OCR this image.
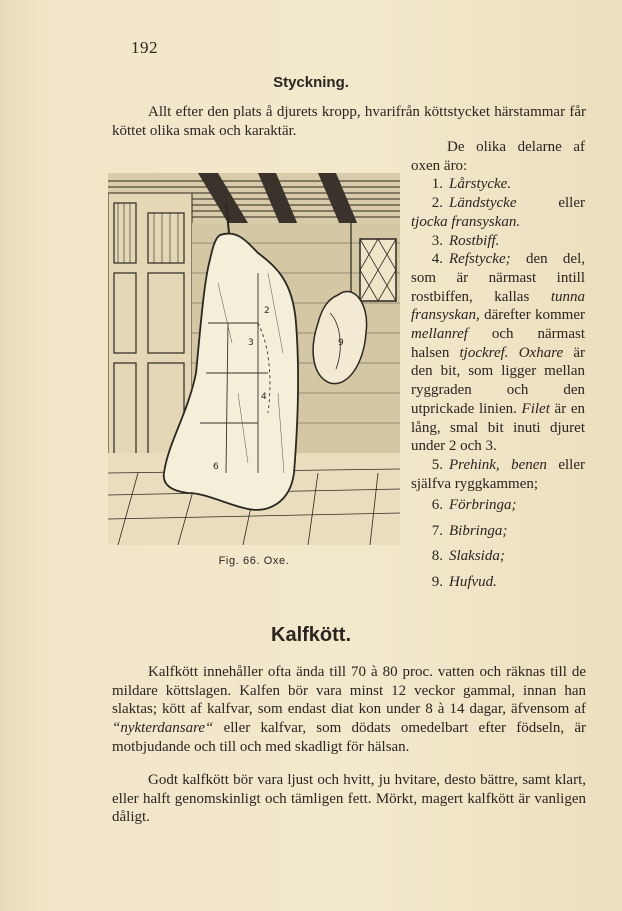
192
Styckning.

Allt efter den plats å djurets kropp, hvarifrån köttstycket härstammar får köttet olika smak och karaktär.

2
3
4
6
9
Fig. 66. Oxe.

De olika delarne af oxen äro:

1. Lårstycke.

2. Ländstycke eller tjocka fransyskan.

3. Rostbiff.

4. Refstycke; den del, som är närmast intill rostbiffen, kallas tunna fransyskan, därefter kommer mellanref och närmast halsen tjockref. Oxhare är den bit, som ligger mellan ryggraden och den utprickade linien. Filet är en lång, smal bit inuti djuret under 2 och 3.

5. Prehink, benen eller själfva ryggkammen;

6. Förbringa;

7. Bibringa;

8. Slaksida;

9. Hufvud.

Kalfkött.

Kalfkött innehåller ofta ända till 70 à 80 proc. vatten och räknas till de mildare köttslagen. Kalfen bör vara minst 12 veckor gammal, innan han slaktas; kött af kalfvar, som endast diat kon under 8 à 14 dagar, äfvensom af “nykterdansare“ eller kalfvar, som dödats omedelbart efter födseln, är motbjudande och till och med skadligt för hälsan.

Godt kalfkött bör vara ljust och hvitt, ju hvitare, desto bättre, samt klart, eller halft genomskinligt och tämligen fett. Mörkt, magert kalfkött är vanligen dåligt.
